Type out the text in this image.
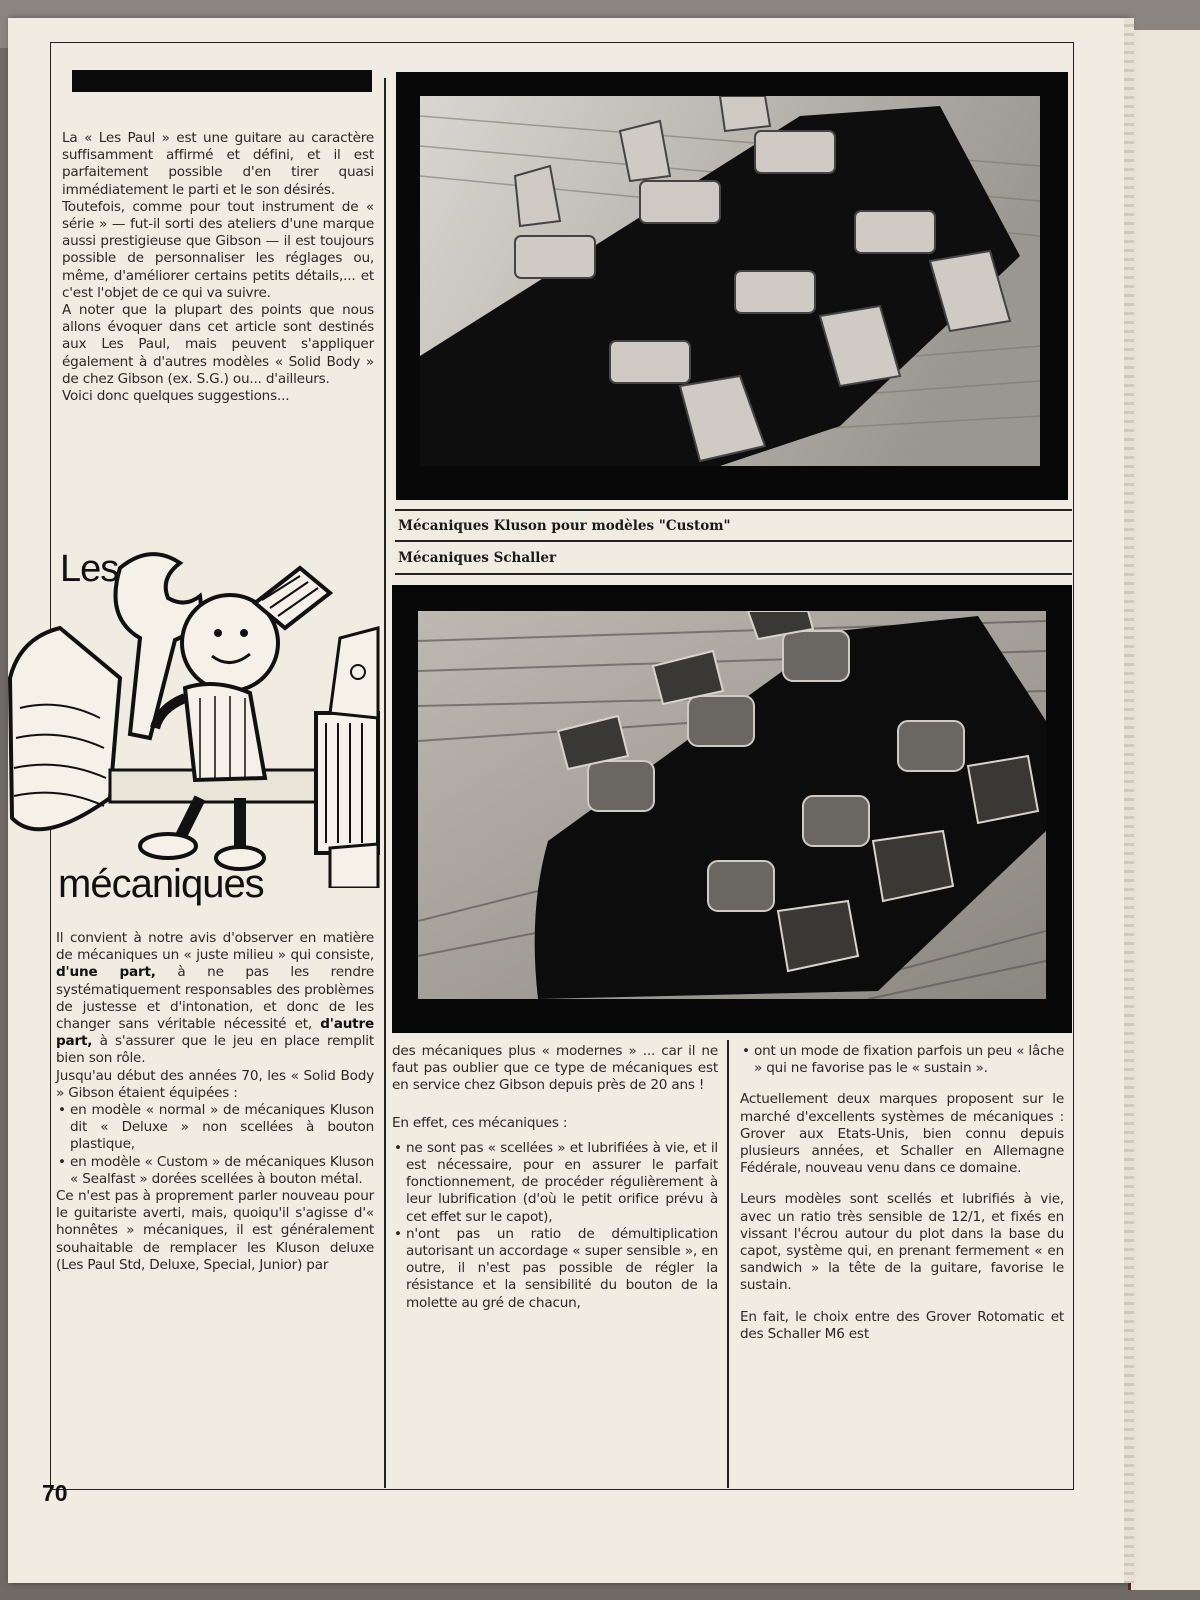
La « Les Paul » est une guitare au caractère suffisamment affirmé et défini, et il est parfaitement possible d'en tirer quasi immédiatement le parti et le son désirés.

Toutefois, comme pour tout instrument de « série » — fut-il sorti des ateliers d'une marque aussi prestigieuse que Gibson — il est toujours possible de personnaliser les réglages ou, même, d'améliorer certains petits détails,... et c'est l'objet de ce qui va suivre.

A noter que la plupart des points que nous allons évoquer dans cet article sont destinés aux Les Paul, mais peuvent s'appliquer également à d'autres modèles « Solid Body » de chez Gibson (ex. S.G.) ou... d'ailleurs.

Voici donc quelques suggestions...

Les
mécaniques
Mécaniques Kluson pour modèles "Custom"
Mécaniques Schaller

Il convient à notre avis d'observer en matière de mécaniques un « juste milieu » qui consiste, d'une part, à ne pas les rendre systématiquement responsables des problèmes de justesse et d'intonation, et donc de les changer sans véritable nécessité et, d'autre part, à s'assurer que le jeu en place remplit bien son rôle.

Jusqu'au début des années 70, les « Solid Body » Gibson étaient équipées :

• en modèle « normal » de mécaniques Kluson dit « Deluxe » non scellées à bouton plastique,
• en modèle « Custom » de mécaniques Kluson « Sealfast » dorées scellées à bouton métal.

Ce n'est pas à proprement parler nouveau pour le guitariste averti, mais, quoiqu'il s'agisse d'« honnêtes » mécaniques, il est généralement souhaitable de remplacer les Kluson deluxe (Les Paul Std, Deluxe, Special, Junior) par

des mécaniques plus « modernes » ... car il ne faut pas oublier que ce type de mécaniques est en service chez Gibson depuis près de 20 ans !

En effet, ces mécaniques :

• ne sont pas « scellées » et lubrifiées à vie, et il est nécessaire, pour en assurer le parfait fonctionnement, de procéder régulièrement à leur lubrification (d'où le petit orifice prévu à cet effet sur le capot),
• n'ont pas un ratio de démultiplication autorisant un accordage « super sensible », en outre, il n'est pas possible de régler la résistance et la sensibilité du bouton de la molette au gré de chacun,
• ont un mode de fixation parfois un peu « lâche » qui ne favorise pas le « sustain ».

Actuellement deux marques proposent sur le marché d'excellents systèmes de mécaniques : Grover aux Etats-Unis, bien connu depuis plusieurs années, et Schaller en Allemagne Fédérale, nouveau venu dans ce domaine.

Leurs modèles sont scellés et lubrifiés à vie, avec un ratio très sensible de 12/1, et fixés en vissant l'écrou autour du plot dans la base du capot, système qui, en prenant fermement « en sandwich » la tête de la guitare, favorise le sustain.

En fait, le choix entre des Grover Rotomatic et des Schaller M6 est

70
